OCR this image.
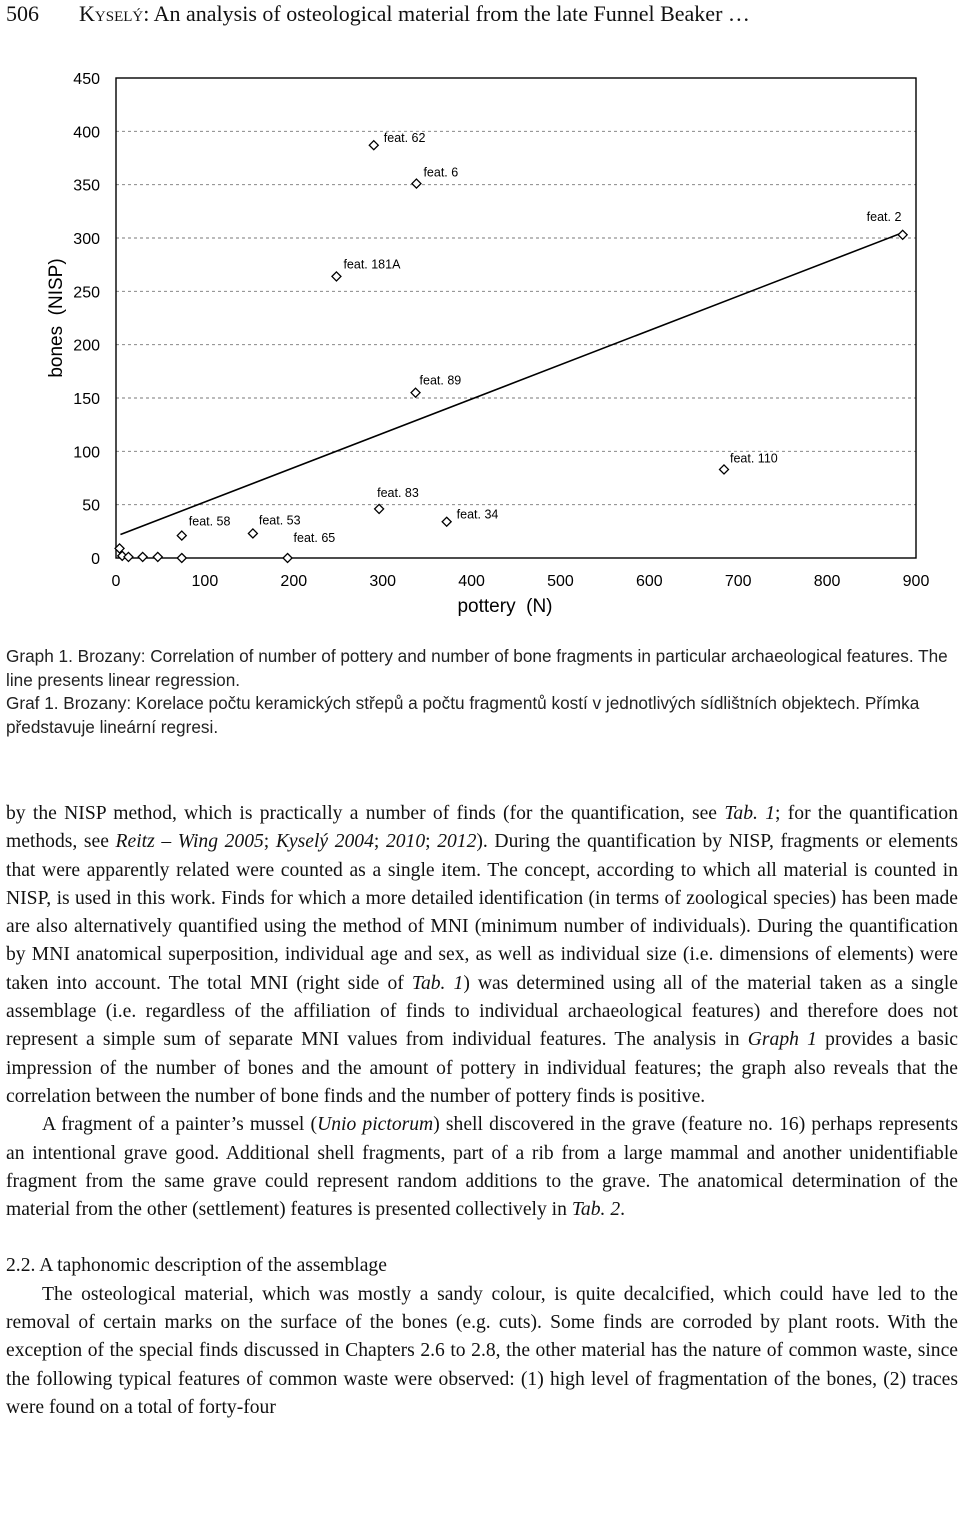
506 Kyselý: An analysis of osteological material from the late Funnel Beaker …
0
50
100
150
200
250
300
350
400
450
0	100	200	300	400	500	600	700	800	900
feat. 2
feat. 62
feat. 6
feat. 181A
feat. 89
feat. 110
feat. 83
feat. 34
feat. 58 feat. 53
feat. 65
pottery  (N)
bones  (NISP)

Graph 1. Brozany: Correlation of number of pottery and number of bone fragments in particular archaeological features. The line presents linear regression.

Graf 1. Brozany: Korelace počtu keramických střepů a počtu fragmentů kostí v jednotlivých sídlištních objektech. Přímka představuje lineární regresi.

by the NISP method, which is practically a number of finds (for the quantification, see Tab. 1; for the quantification methods, see Reitz – Wing 2005; Kyselý 2004; 2010; 2012). During the quantification by NISP, fragments or elements that were apparently related were counted as a single item. The concept, according to which all material is counted in NISP, is used in this work. Finds for which a more detailed identification (in terms of zoological species) has been made are also alternatively quantified using the method of MNI (minimum number of individuals). During the quantification by MNI anatomical superposition, individual age and sex, as well as individual size (i.e. dimensions of elements) were taken into account. The total MNI (right side of Tab. 1) was determined using all of the material taken as a single assemblage (i.e. regardless of the affiliation of finds to individual archaeological features) and therefore does not represent a simple sum of separate MNI values from individual features. The analysis in Graph 1 provides a basic impression of the number of bones and the amount of pottery in individual features; the graph also reveals that the correlation between the number of bone finds and the number of pottery finds is positive.

A fragment of a painter’s mussel (Unio pictorum) shell discovered in the grave (feature no. 16) perhaps represents an intentional grave good. Additional shell fragments, part of a rib from a large mammal and another unidentifiable fragment from the same grave could represent random additions to the grave. The anatomical determination of the material from the other (settlement) features is presented collectively in Tab. 2.

2.2. A taphonomic description of the assemblage

The osteological material, which was mostly a sandy colour, is quite decalcified, which could have led to the removal of certain marks on the surface of the bones (e.g. cuts). Some finds are corroded by plant roots. With the exception of the special finds discussed in Chapters 2.6 to 2.8, the other material has the nature of common waste, since the following typical features of common waste were observed: (1) high level of fragmentation of the bones, (2) traces were found on a total of forty-four
